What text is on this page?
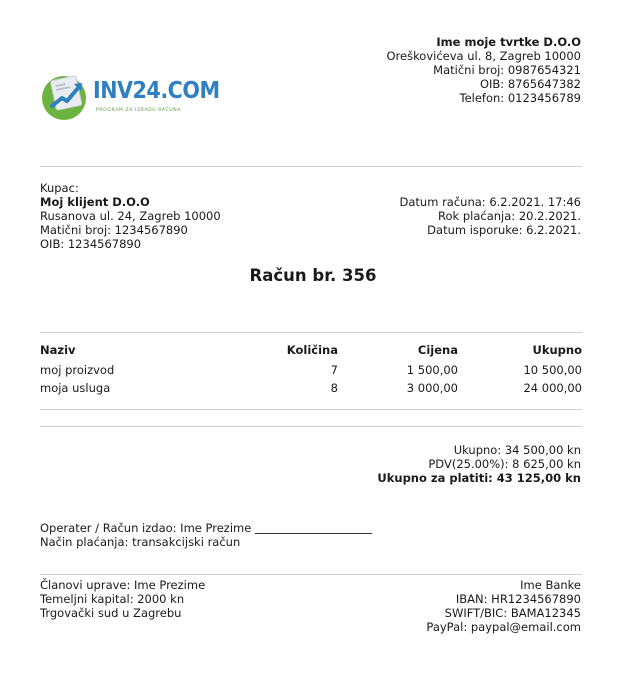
INV24.COM
PROGRAM ZA IZRADU RAČUNA
Ime moje tvrtke D.O.O
Oreškovićeva ul. 8, Zagreb 10000
Matični broj: 0987654321
OIB: 8765647382
Telefon: 0123456789
Kupac:
Moj klijent D.O.O
Rusanova ul. 24, Zagreb 10000
Matični broj: 1234567890
OIB: 1234567890
Datum računa: 6.2.2021. 17:46
Rok plaćanja: 20.2.2021.
Datum isporuke: 6.2.2021.
Račun br. 356
Naziv	Količina	Cijena	Ukupno
moj proizvod	7	1 500,00	10 500,00
moja usluga	8	3 000,00	24 000,00
Ukupno: 34 500,00 kn
PDV(25.00%): 8 625,00 kn
Ukupno za platiti: 43 125,00 kn
Operater / Račun izdao: Ime Prezime
Način plaćanja: transakcijski račun
Članovi uprave: Ime Prezime
Temeljni kapital: 2000 kn
Trgovački sud u Zagrebu
Ime Banke
IBAN: HR1234567890
SWIFT/BIC: BAMA12345
PayPal: paypal@email.com
